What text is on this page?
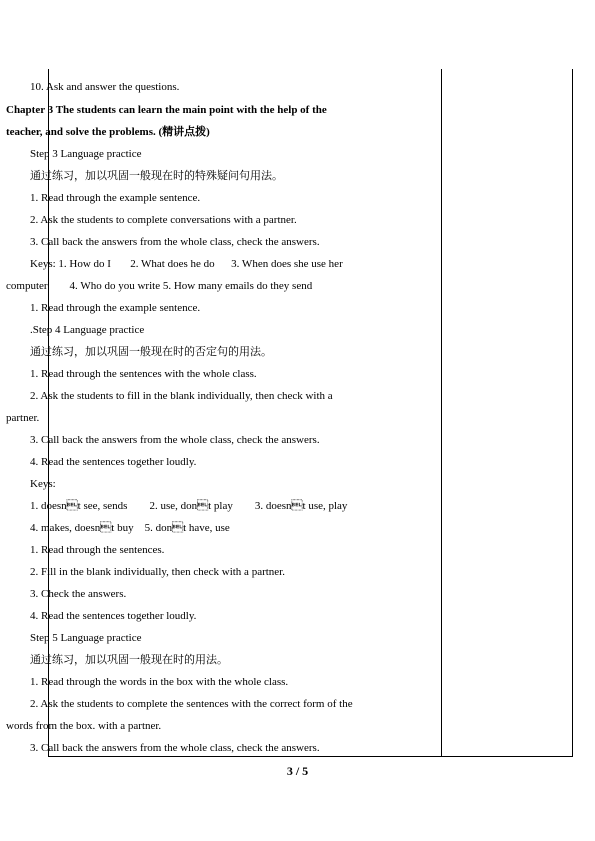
10. Ask and answer the questions.
Chapter 3 The students can learn the main point with the help of the
teacher, and solve the problems. (精讲点拨)
Step 3 Language practice
通过练习，加以巩固一般现在时的特殊疑问句用法。
1. Read through the example sentence.
2. Ask the students to complete conversations with a partner.
3. Call back the answers from the whole class, check the answers.
Keys: 1. How do I       2. What does he do      3. When does she use her
computer        4. Who do you write 5. How many emails do they send
1. Read through the example sentence.
.Step 4 Language practice
通过练习，加以巩固一般现在时的否定句的用法。
1. Read through the sentences with the whole class.
2. Ask the students to fill in the blank individually, then check with a
partner.
3. Call back the answers from the whole class, check the answers.
4. Read the sentences together loudly.
Keys:
1. doesnt see, sends        2. use, dont play        3. doesnt use, play
4. makes, doesnt buy    5. dont have, use
1. Read through the sentences.
2. Fill in the blank individually, then check with a partner.
3. Check the answers.
4. Read the sentences together loudly.
Step 5 Language practice
通过练习，加以巩固一般现在时的用法。
1. Read through the words in the box with the whole class.
2. Ask the students to complete the sentences with the correct form of the
words from the box. with a partner.
3. Call back the answers from the whole class, check the answers.
3 / 5
